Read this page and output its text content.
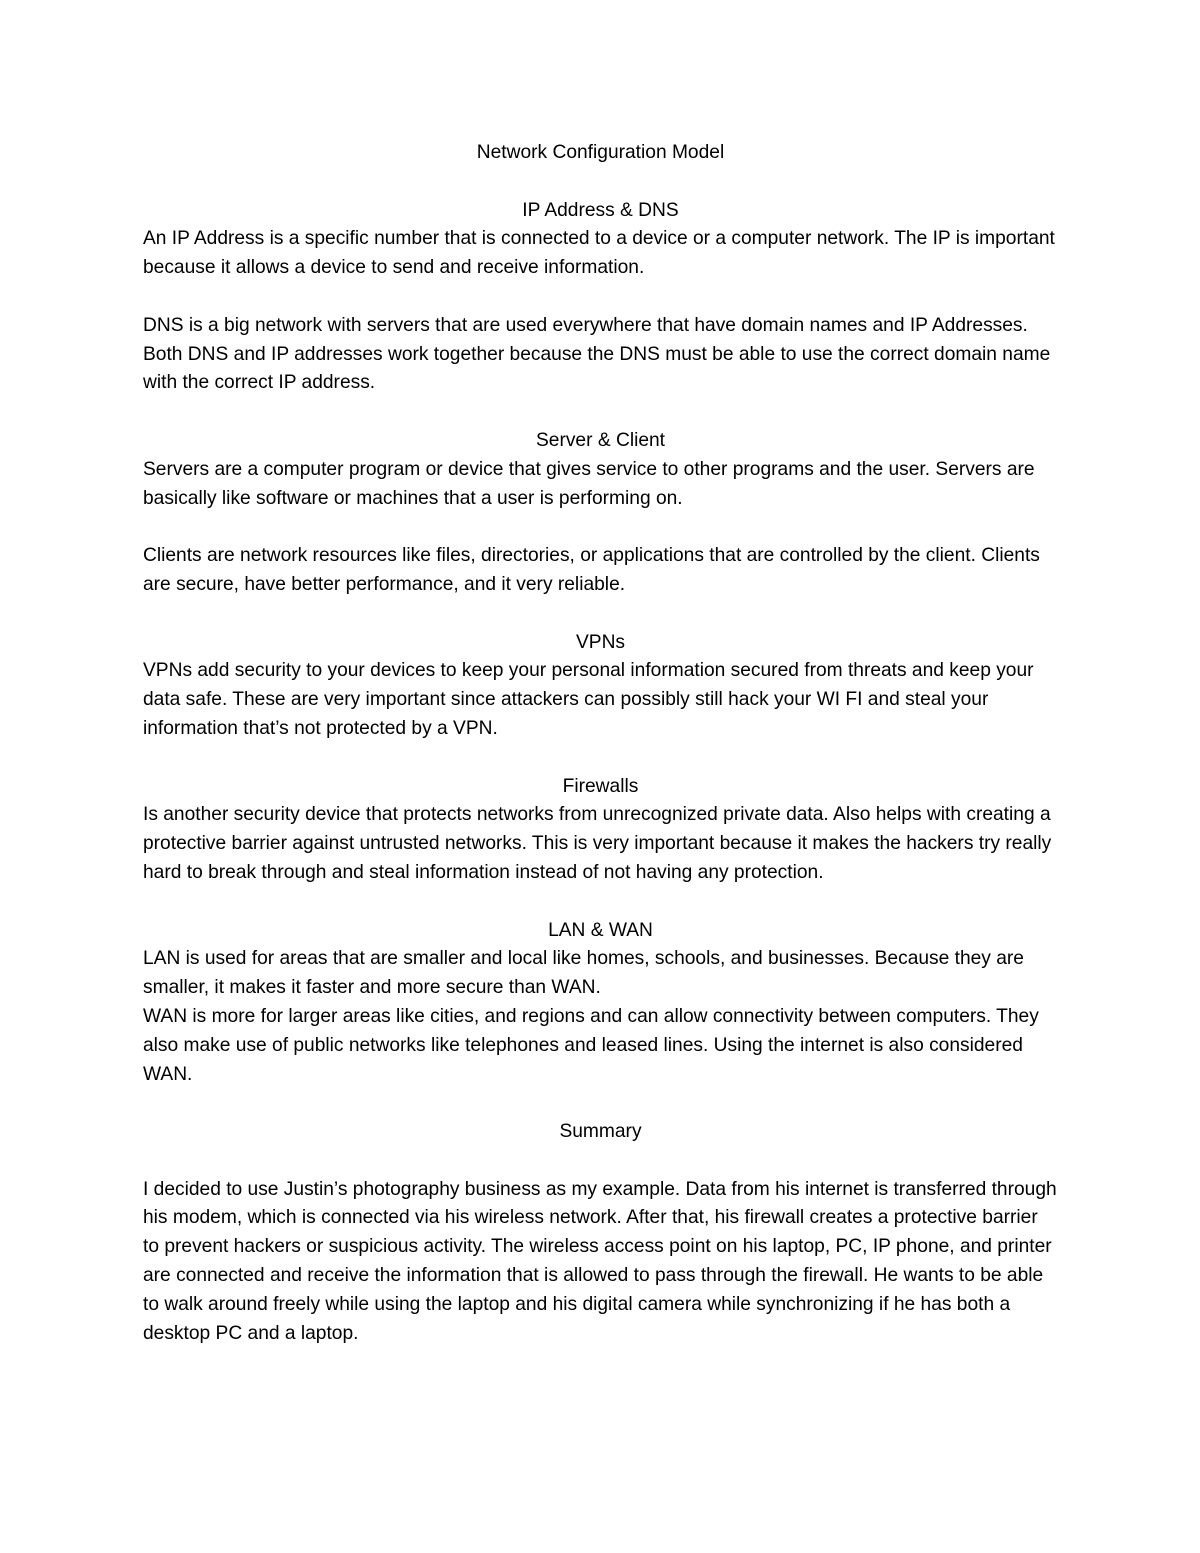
Network Configuration Model

IP Address & DNS

An IP Address is a specific number that is connected to a device or a computer network. The IP is important because it allows a device to send and receive information.

DNS is a big network with servers that are used everywhere that have domain names and IP Addresses. Both DNS and IP addresses work together because the DNS must be able to use the correct domain name with the correct IP address.

Server & Client

Servers are a computer program or device that gives service to other programs and the user. Servers are basically like software or machines that a user is performing on.

Clients are network resources like files, directories, or applications that are controlled by the client. Clients are secure, have better performance, and it very reliable.

VPNs

VPNs add security to your devices to keep your personal information secured from threats and keep your data safe. These are very important since attackers can possibly still hack your WI FI and steal your information that’s not protected by a VPN.

Firewalls

Is another security device that protects networks from unrecognized private data. Also helps with creating a protective barrier against untrusted networks. This is very important because it makes the hackers try really hard to break through and steal information instead of not having any protection.

LAN & WAN

LAN is used for areas that are smaller and local like homes, schools, and businesses. Because they are smaller, it makes it faster and more secure than WAN.

WAN is more for larger areas like cities, and regions and can allow connectivity between computers. They also make use of public networks like telephones and leased lines. Using the internet is also considered WAN.

Summary

I decided to use Justin’s photography business as my example. Data from his internet is transferred through his modem, which is connected via his wireless network. After that, his firewall creates a protective barrier to prevent hackers or suspicious activity. The wireless access point on his laptop, PC, IP phone, and printer are connected and receive the information that is allowed to pass through the firewall. He wants to be able to walk around freely while using the laptop and his digital camera while synchronizing if he has both a desktop PC and a laptop.
